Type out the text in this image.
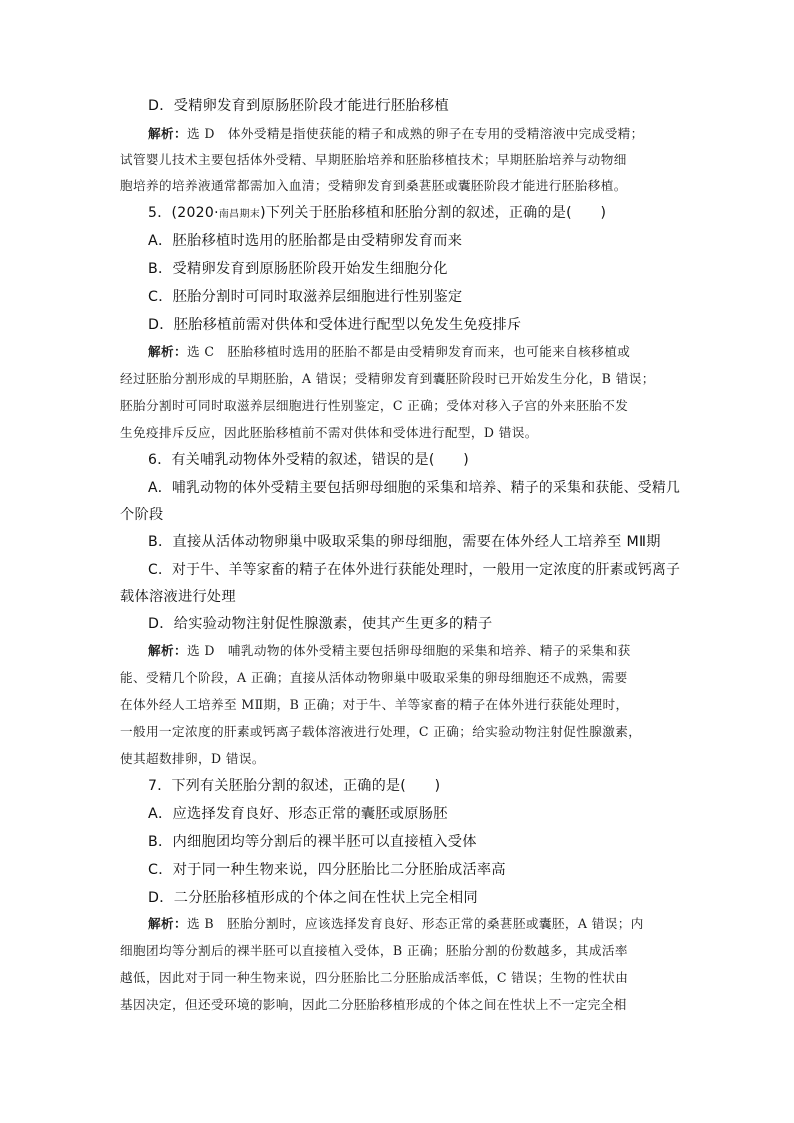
D．受精卵发育到原肠胚阶段才能进行胚胎移植
解析：选 D　体外受精是指使获能的精子和成熟的卵子在专用的受精溶液中完成受精；
试管婴儿技术主要包括体外受精、早期胚胎培养和胚胎移植技术；早期胚胎培养与动物细
胞培养的培养液通常都需加入血清；受精卵发育到桑葚胚或囊胚阶段才能进行胚胎移植。
5．(2020·南昌期末)下列关于胚胎移植和胚胎分割的叙述，正确的是(　　)
A．胚胎移植时选用的胚胎都是由受精卵发育而来
B．受精卵发育到原肠胚阶段开始发生细胞分化
C．胚胎分割时可同时取滋养层细胞进行性别鉴定
D．胚胎移植前需对供体和受体进行配型以免发生免疫排斥
解析：选 C　胚胎移植时选用的胚胎不都是由受精卵发育而来，也可能来自核移植或
经过胚胎分割形成的早期胚胎，A 错误；受精卵发育到囊胚阶段时已开始发生分化，B 错误；
胚胎分割时可同时取滋养层细胞进行性别鉴定，C 正确；受体对移入子宫的外来胚胎不发
生免疫排斥反应，因此胚胎移植前不需对供体和受体进行配型，D 错误。
6．有关哺乳动物体外受精的叙述，错误的是(　　)
A．哺乳动物的体外受精主要包括卵母细胞的采集和培养、精子的采集和获能、受精几
个阶段
B．直接从活体动物卵巢中吸取采集的卵母细胞，需要在体外经人工培养至 MⅡ期
C．对于牛、羊等家畜的精子在体外进行获能处理时，一般用一定浓度的肝素或钙离子
载体溶液进行处理
D．给实验动物注射促性腺激素，使其产生更多的精子
解析：选 D　哺乳动物的体外受精主要包括卵母细胞的采集和培养、精子的采集和获
能、受精几个阶段，A 正确；直接从活体动物卵巢中吸取采集的卵母细胞还不成熟，需要
在体外经人工培养至 MⅡ期，B 正确；对于牛、羊等家畜的精子在体外进行获能处理时，
一般用一定浓度的肝素或钙离子载体溶液进行处理，C 正确；给实验动物注射促性腺激素，
使其超数排卵，D 错误。
7．下列有关胚胎分割的叙述，正确的是(　　)
A．应选择发育良好、形态正常的囊胚或原肠胚
B．内细胞团均等分割后的裸半胚可以直接植入受体
C．对于同一种生物来说，四分胚胎比二分胚胎成活率高
D．二分胚胎移植形成的个体之间在性状上完全相同
解析：选 B　胚胎分割时，应该选择发育良好、形态正常的桑葚胚或囊胚，A 错误；内
细胞团均等分割后的裸半胚可以直接植入受体，B 正确；胚胎分割的份数越多，其成活率
越低，因此对于同一种生物来说，四分胚胎比二分胚胎成活率低，C 错误；生物的性状由
基因决定，但还受环境的影响，因此二分胚胎移植形成的个体之间在性状上不一定完全相
